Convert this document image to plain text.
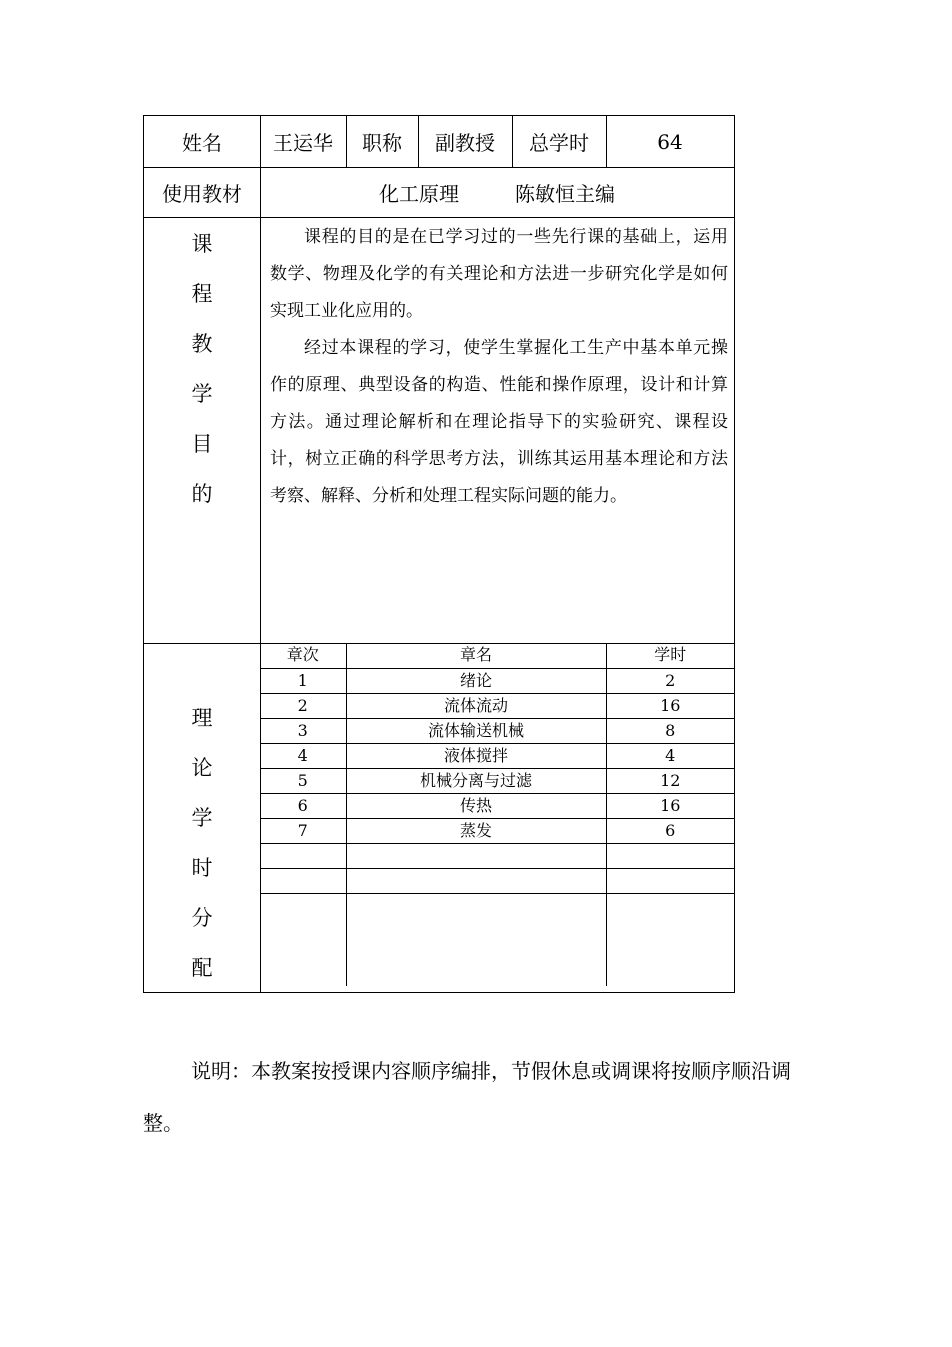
姓名	王运华	职称	副教授	总学时	64
使用教材	化工原理	陈敏恒主编
课
程
教
学
目
的

课程的目的是在已学习过的一些先行课的基础上，运用数学、物理及化学的有关理论和方法进一步研究化学是如何实现工业化应用的。

经过本课程的学习，使学生掌握化工生产中基本单元操作的原理、典型设备的构造、性能和操作原理，设计和计算方法。通过理论解析和在理论指导下的实验研究、课程设计，树立正确的科学思考方法，训练其运用基本理论和方法考察、解释、分析和处理工程实际问题的能力。

理
论
学
时
分
配
章次	章名	学时
1	绪论	2
2	流体流动	16
3	流体输送机械	8
4	液体搅拌	4
5	机械分离与过滤	12
6	传热	16
7	蒸发	6

说明：本教案按授课内容顺序编排，节假休息或调课将按顺序顺沿调整。
